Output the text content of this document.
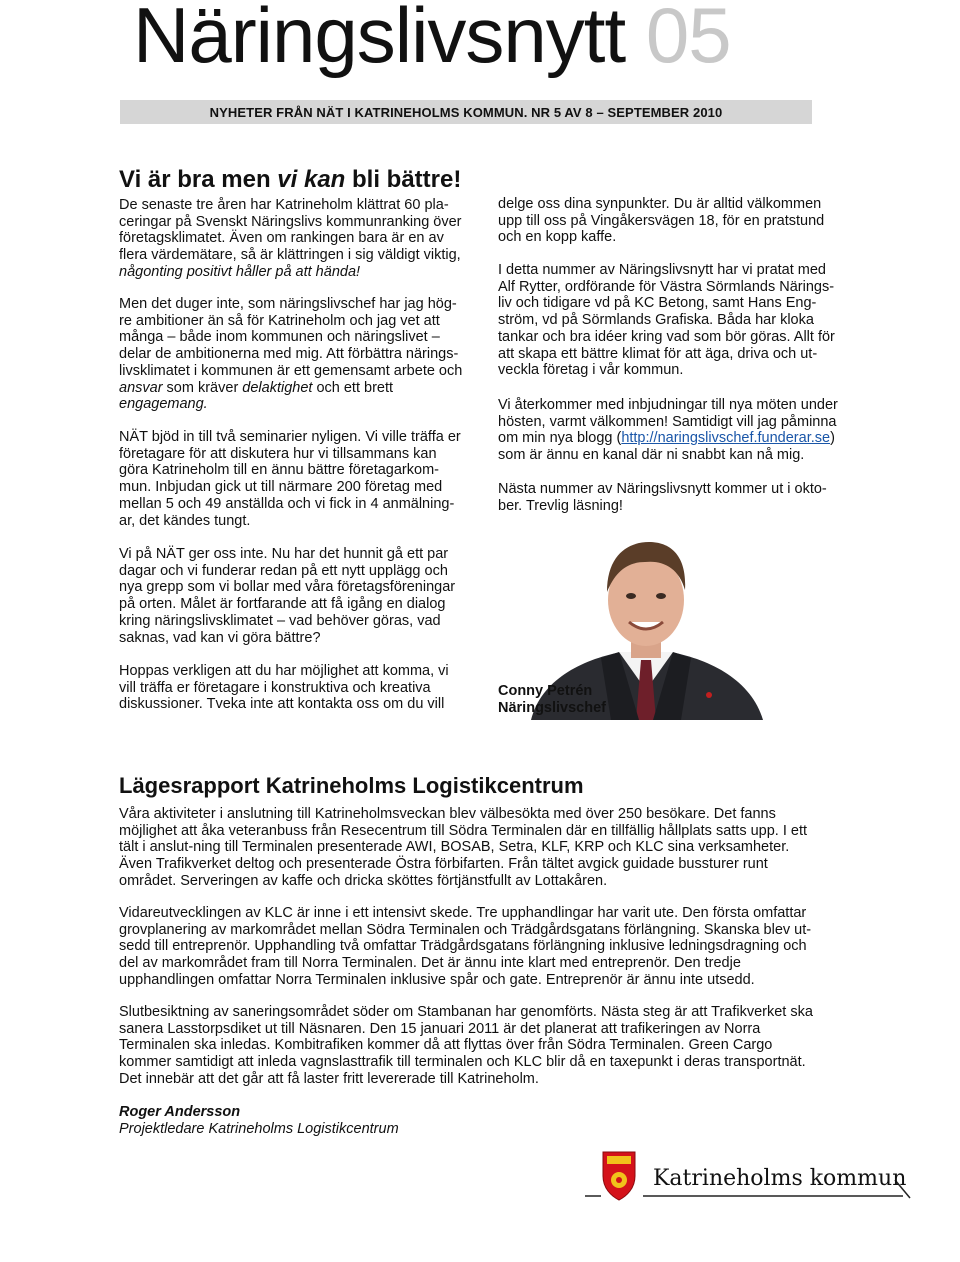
Näringslivsnytt 05
NYHETER FRÅN NÄT I KATRINEHOLMS KOMMUN. NR 5 AV 8 – SEPTEMBER 2010
Vi är bra men vi kan bli bättre!

De senaste tre åren har Katrineholm klättrat 60 pla-ceringar på Svenskt Näringslivs kommunranking över företagsklimatet. Även om rankingen bara är en av flera värdemätare, så är klättringen i sig väldigt viktig, någonting positivt håller på att hända!

Men det duger inte, som näringslivschef har jag hög-re ambitioner än så för Katrineholm och jag vet att många – både inom kommunen och näringslivet – delar de ambitionerna med mig. Att förbättra närings-livsklimatet i kommunen är ett gemensamt arbete och ansvar som kräver delaktighet och ett brett engagemang.

NÄT bjöd in till två seminarier nyligen. Vi ville träffa er företagare för att diskutera hur vi tillsammans kan göra Katrineholm till en ännu bättre företagarkom-mun. Inbjudan gick ut till närmare 200 företag med mellan 5 och 49 anställda och vi fick in 4 anmälning-ar, det kändes tungt.

Vi på NÄT ger oss inte. Nu har det hunnit gå ett par dagar och vi funderar redan på ett nytt upplägg och nya grepp som vi bollar med våra företagsföreningar på orten. Målet är fortfarande att få igång en dialog kring näringslivsklimatet – vad behöver göras, vad saknas, vad kan vi göra bättre?

Hoppas verkligen att du har möjlighet att komma, vi vill träffa er företagare i konstruktiva och kreativa diskussioner. Tveka inte att kontakta oss om du vill

delge oss dina synpunkter. Du är alltid välkommen upp till oss på Vingåkersvägen 18, för en pratstund och en kopp kaffe.

I detta nummer av Näringslivsnytt har vi pratat med Alf Rytter, ordförande för Västra Sörmlands Närings-liv och tidigare vd på KC Betong, samt Hans Eng-ström, vd på Sörmlands Grafiska. Båda har kloka tankar och bra idéer kring vad som bör göras. Allt för att skapa ett bättre klimat för att äga, driva och ut-veckla företag i vår kommun.

Vi återkommer med inbjudningar till nya möten under hösten, varmt välkommen! Samtidigt vill jag påminna om min nya blogg (http://naringslivschef.funderar.se) som är ännu en kanal där ni snabbt kan nå mig.

Nästa nummer av Näringslivsnytt kommer ut i okto-ber. Trevlig läsning!

Conny Petrén

Näringslivschef

Lägesrapport Katrineholms Logistikcentrum

Våra aktiviteter i anslutning till Katrineholmsveckan blev välbesökta med över 250 besökare. Det fanns möjlighet att åka veteranbuss från Resecentrum till Södra Terminalen där en tillfällig hållplats satts upp. I ett tält i anslut-ning till Terminalen presenterade AWI, BOSAB, Setra, KLF, KRP och KLC sina verksamheter. Även Trafikverket deltog och presenterade Östra förbifarten. Från tältet avgick guidade bussturer runt området. Serveringen av kaffe och dricka sköttes förtjänstfullt av Lottakåren.

Vidareutvecklingen av KLC är inne i ett intensivt skede. Tre upphandlingar har varit ute. Den första omfattar grovplanering av markområdet mellan Södra Terminalen och Trädgårdsgatans förlängning. Skanska blev ut-sedd till entreprenör. Upphandling två omfattar Trädgårdsgatans förlängning inklusive ledningsdragning och del av markområdet fram till Norra Terminalen. Det är ännu inte klart med entreprenör. Den tredje upphandlingen omfattar Norra Terminalen inklusive spår och gate. Entreprenör är ännu inte utsedd.

Slutbesiktning av saneringsområdet söder om Stambanan har genomförts. Nästa steg är att Trafikverket ska sanera Lasstorpsdiket ut till Näsnaren. Den 15 januari 2011 är det planerat att trafikeringen av Norra Terminalen ska inledas. Kombitrafiken kommer då att flyttas över från Södra Terminalen. Green Cargo kommer samtidigt att inleda vagnslasttrafik till terminalen och KLC blir då en taxepunkt i deras transportnät. Det innebär att det går att få laster fritt levererade till Katrineholm.

Roger Andersson
Projektledare Katrineholms Logistikcentrum
Katrineholms kommun
